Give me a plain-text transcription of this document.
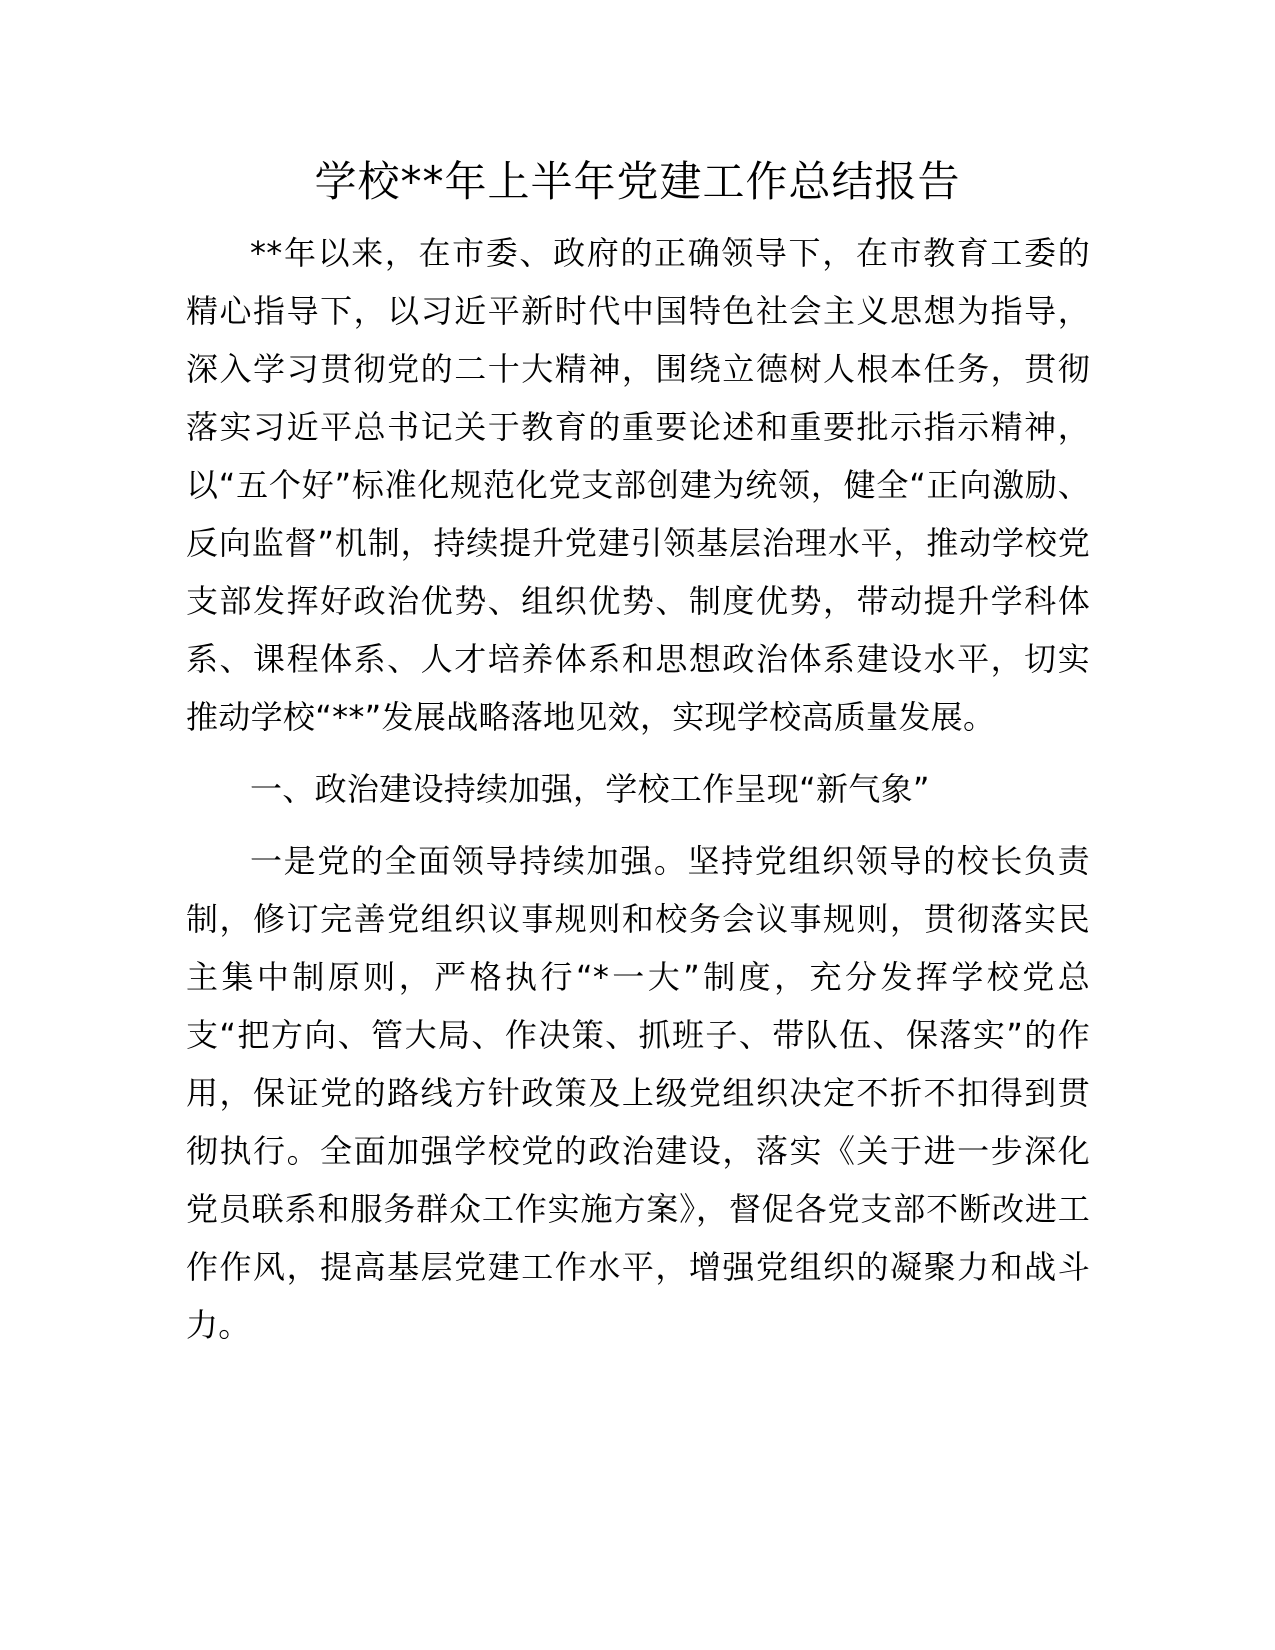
学校**年上半年党建工作总结报告

**年以来，在市委、政府的正确领导下，在市教育工委的精心指导下，以习近平新时代中国特色社会主义思想为指导，深入学习贯彻党的二十大精神，围绕立德树人根本任务，贯彻落实习近平总书记关于教育的重要论述和重要批示指示精神，以“五个好”标准化规范化党支部创建为统领，健全“正向激励、反向监督”机制，持续提升党建引领基层治理水平，推动学校党支部发挥好政治优势、组织优势、制度优势，带动提升学科体系、课程体系、人才培养体系和思想政治体系建设水平，切实推动学校“**”发展战略落地见效，实现学校高质量发展。

一、政治建设持续加强，学校工作呈现“新气象”

一是党的全面领导持续加强。坚持党组织领导的校长负责制，修订完善党组织议事规则和校务会议事规则，贯彻落实民主集中制原则，严格执行“*一大”制度，充分发挥学校党总支“把方向、管大局、作决策、抓班子、带队伍、保落实”的作用，保证党的路线方针政策及上级党组织决定不折不扣得到贯彻执行。全面加强学校党的政治建设，落实《关于进一步深化党员联系和服务群众工作实施方案》，督促各党支部不断改进工作作风，提高基层党建工作水平，增强党组织的凝聚力和战斗力。
